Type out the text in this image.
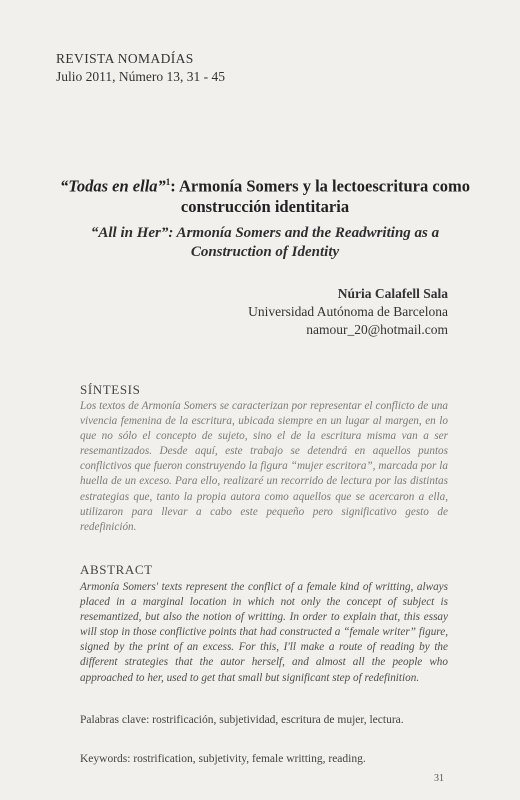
REVISTA NOMADÍAS
Julio 2011, Número 13, 31 - 45
“Todas en ella”$^1$: Armonía Somers y la lectoescritura como construcción identitaria
“All in Her”: Armonía Somers and the Readwriting as a Construction of Identity
Núria Calafell Sala
Universidad Autónoma de Barcelona
namour_20@hotmail.com
SÍNTESIS
Los textos de Armonía Somers se caracterizan por representar el conflicto de una vivencia femenina de la escritura, ubicada siempre en un lugar al margen, en lo que no sólo el concepto de sujeto, sino el de la escritura misma van a ser resemantizados. Desde aquí, este trabajo se detendrá en aquellos puntos conflictivos que fueron construyendo la figura “mujer escritora”, marcada por la huella de un exceso. Para ello, realizaré un recorrido de lectura por las distintas estrategias que, tanto la propia autora como aquellos que se acercaron a ella, utilizaron para llevar a cabo este pequeño pero significativo gesto de redefinición.
ABSTRACT
Armonía Somers' texts represent the conflict of a female kind of writting, always placed in a marginal location in which not only the concept of subject is resemantized, but also the notion of writting. In order to explain that, this essay will stop in those conflictive points that had constructed a “female writer” figure, signed by the print of an excess. For this, I'll make a route of reading by the different strategies that the autor herself, and almost all the people who approached to her, used to get that small but significant step of redefinition.
Palabras clave: rostrificación, subjetividad, escritura de mujer, lectura.
Keywords: rostrification, subjetivity, female writting, reading.
31
